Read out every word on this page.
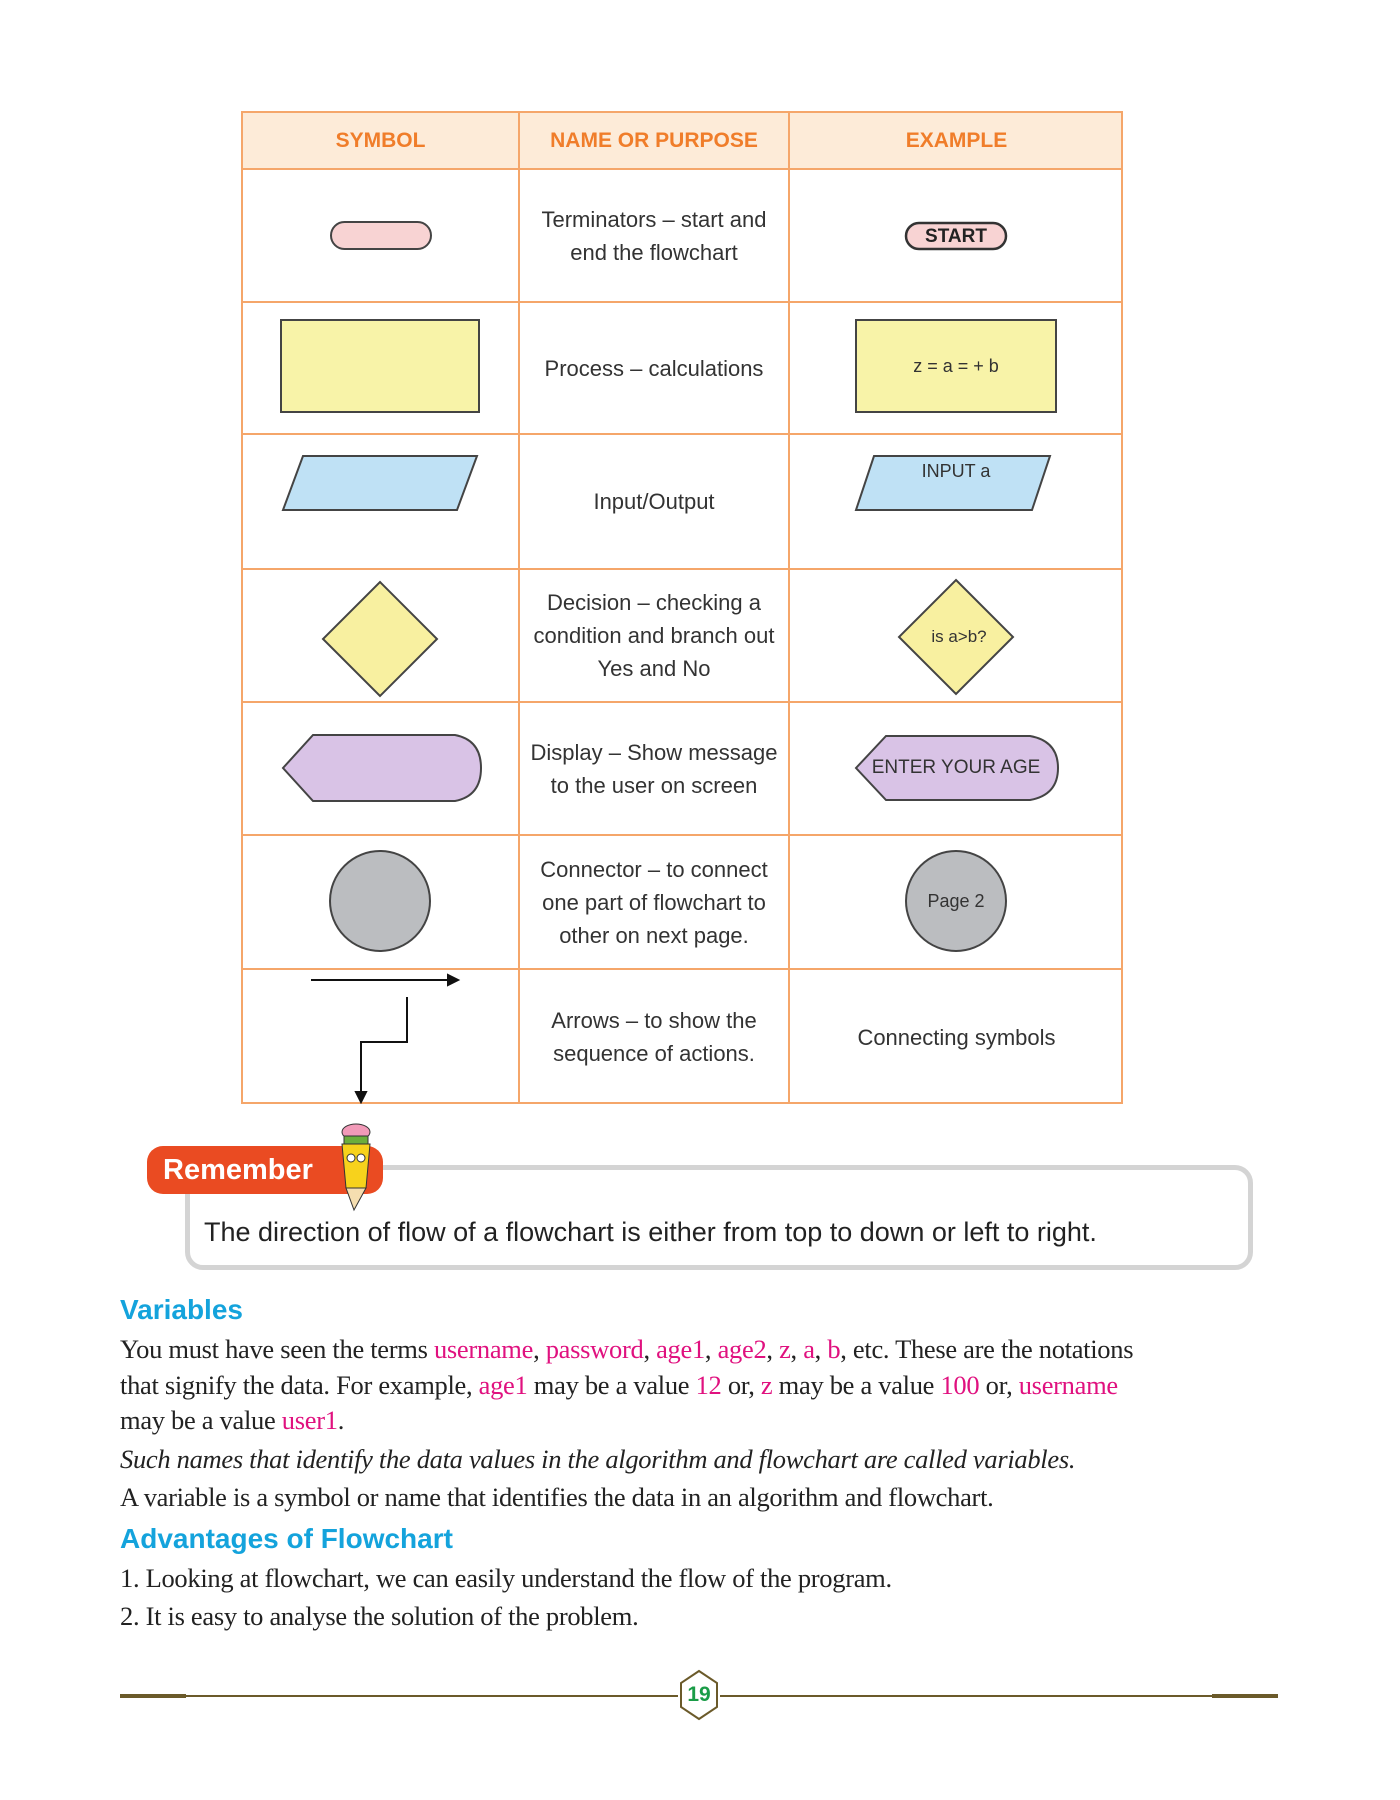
SYMBOL	NAME OR PURPOSE	EXAMPLE
Terminators – start and
end the flowchart
Process – calculations
Input/Output
Decision – checking a
condition and branch out
Yes and No
Display – Show message
to the user on screen
Connector – to connect
one part of flowchart to
other on next page.
Arrows – to show the
sequence of actions.
START
z = a = + b
INPUT a
is a>b?
ENTER YOUR AGE
Page 2
Connecting symbols
Remember
The direction of flow of a flowchart is either from top to down or left to right.
Variables
You must have seen the terms username, password, age1, age2, z, a, b, etc. These are the notations
that signify the data. For example, age1 may be a value 12 or, z may be a value 100 or, username
may be a value user1.
Such names that identify the data values in the algorithm and flowchart are called variables.
A variable is a symbol or name that identifies the data in an algorithm and flowchart.
Advantages of Flowchart
1. Looking at flowchart, we can easily understand the flow of the program.
2. It is easy to analyse the solution of the problem.
19
